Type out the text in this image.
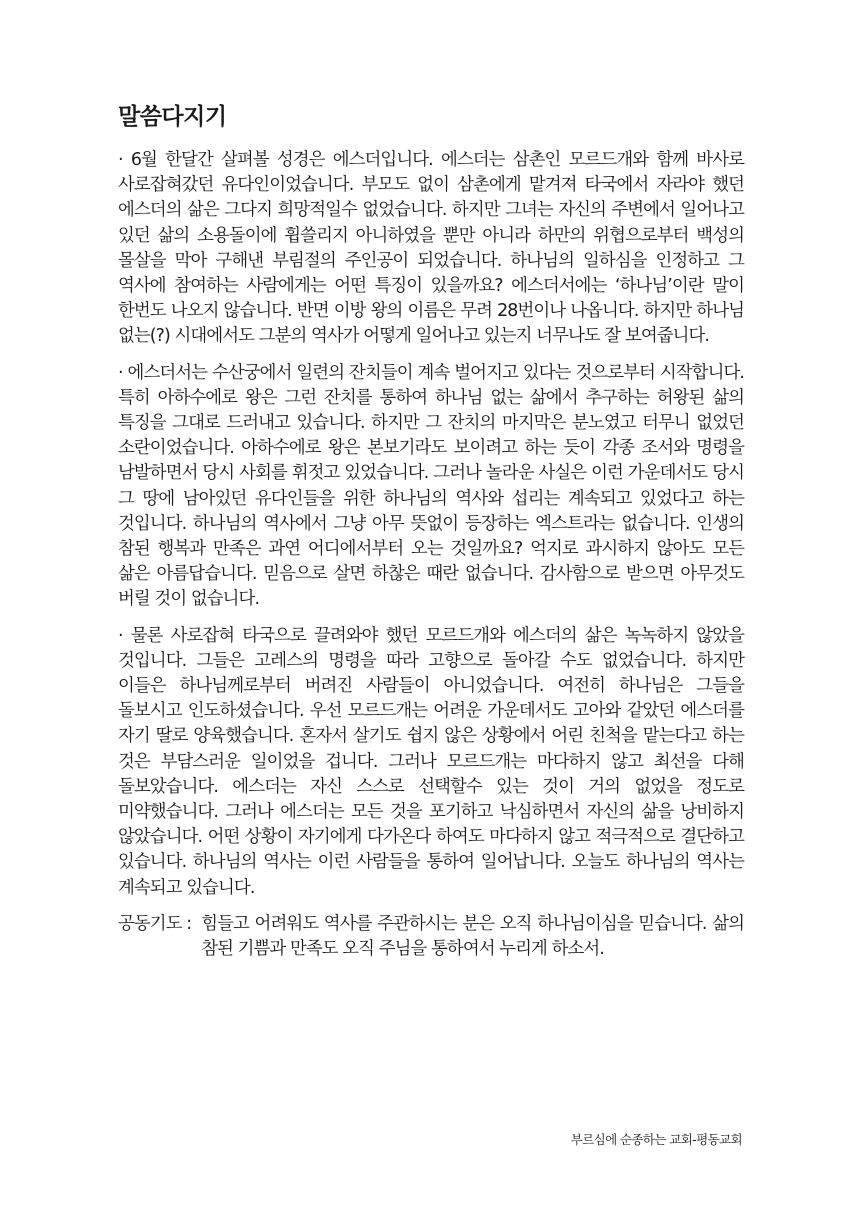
말씀다지기

· 6월 한달간 살펴볼 성경은 에스더입니다. 에스더는 삼촌인 모르드개와 함께 바사로 사로잡혀갔던 유다인이었습니다. 부모도 없이 삼촌에게 맡겨져 타국에서 자라야 했던 에스더의 삶은 그다지 희망적일수 없었습니다. 하지만 그녀는 자신의 주변에서 일어나고 있던 삶의 소용돌이에 휩쓸리지 아니하였을 뿐만 아니라 하만의 위협으로부터 백성의 몰살을 막아 구해낸 부림절의 주인공이 되었습니다. 하나님의 일하심을 인정하고 그 역사에 참여하는 사람에게는 어떤 특징이 있을까요? 에스더서에는 ‘하나님’이란 말이 한번도 나오지 않습니다. 반면 이방 왕의 이름은 무려 28번이나 나옵니다. 하지만 하나님 없는(?) 시대에서도 그분의 역사가 어떻게 일어나고 있는지 너무나도 잘 보여줍니다.

· 에스더서는 수산궁에서 일련의 잔치들이 계속 벌어지고 있다는 것으로부터 시작합니다. 특히 아하수에로 왕은 그런 잔치를 통하여 하나님 없는 삶에서 추구하는 허왕된 삶의 특징을 그대로 드러내고 있습니다. 하지만 그 잔치의 마지막은 분노였고 터무니 없었던 소란이었습니다. 아하수에로 왕은 본보기라도 보이려고 하는 듯이 각종 조서와 명령을 남발하면서 당시 사회를 휘젓고 있었습니다. 그러나 놀라운 사실은 이런 가운데서도 당시 그 땅에 남아있던 유다인들을 위한 하나님의 역사와 섭리는 계속되고 있었다고 하는 것입니다. 하나님의 역사에서 그냥 아무 뜻없이 등장하는 엑스트라는 없습니다. 인생의 참된 행복과 만족은 과연 어디에서부터 오는 것일까요? 억지로 과시하지 않아도 모든 삶은 아름답습니다. 믿음으로 살면 하찮은 때란 없습니다. 감사함으로 받으면 아무것도 버릴 것이 없습니다.

· 물론 사로잡혀 타국으로 끌려와야 했던 모르드개와 에스더의 삶은 녹녹하지 않았을 것입니다. 그들은 고레스의 명령을 따라 고향으로 돌아갈 수도 없었습니다. 하지만 이들은 하나님께로부터 버려진 사람들이 아니었습니다. 여전히 하나님은 그들을 돌보시고 인도하셨습니다. 우선 모르드개는 어려운 가운데서도 고아와 같았던 에스더를 자기 딸로 양육했습니다. 혼자서 살기도 쉽지 않은 상황에서 어린 친척을 맡는다고 하는 것은 부담스러운 일이었을 겁니다. 그러나 모르드개는 마다하지 않고 최선을 다해 돌보았습니다. 에스더는 자신 스스로 선택할수 있는 것이 거의 없었을 정도로 미약했습니다. 그러나 에스더는 모든 것을 포기하고 낙심하면서 자신의 삶을 낭비하지 않았습니다. 어떤 상황이 자기에게 다가온다 하여도 마다하지 않고 적극적으로 결단하고 있습니다. 하나님의 역사는 이런 사람들을 통하여 일어납니다. 오늘도 하나님의 역사는 계속되고 있습니다.

공동기도 : 힘들고 어려워도 역사를 주관하시는 분은 오직 하나님이심을 믿습니다. 삶의 참된 기쁨과 만족도 오직 주님을 통하여서 누리게 하소서.
부르심에 순종하는 교회-평동교회
